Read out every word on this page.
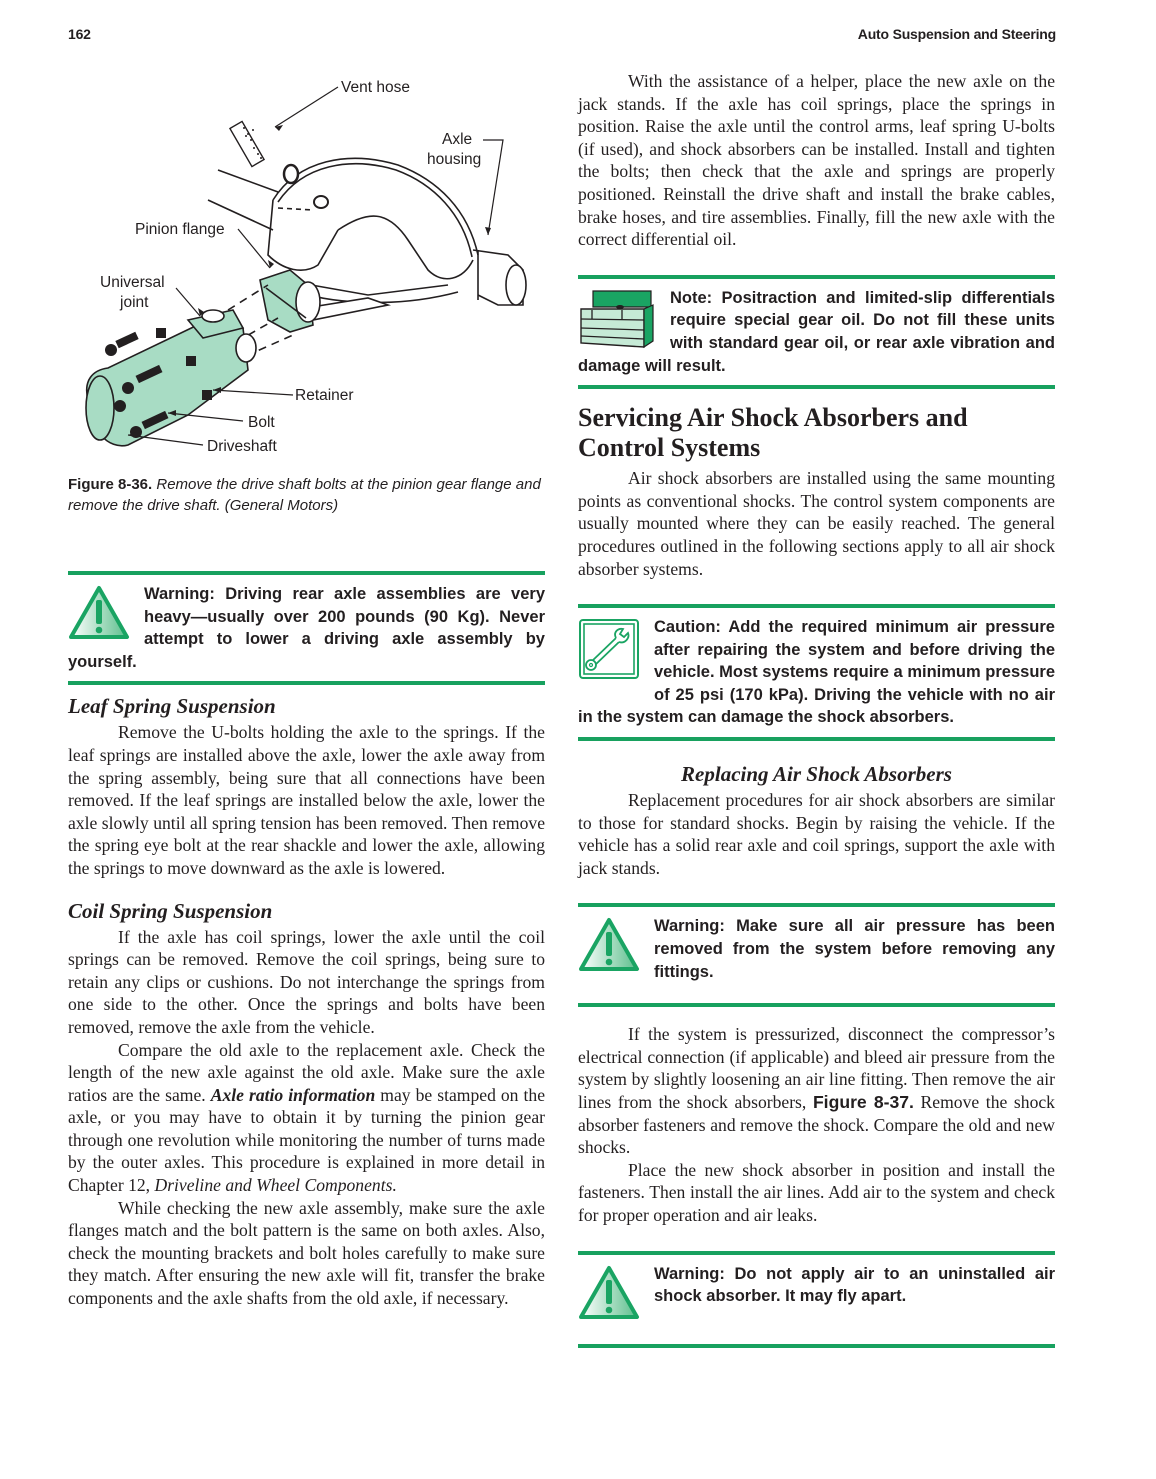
162	Auto Suspension and Steering
Vent hose
Axle
housing
Pinion flange
Universal
joint
Retainer
Bolt
Driveshaft
Figure 8-36. Remove the drive shaft bolts at the pinion gear flange and remove the drive shaft. (General Motors)
Warning: Driving rear axle assemblies are very heavy—usually over 200 pounds (90 Kg). Never attempt to lower a driving axle assembly by yourself.
Leaf Spring Suspension

Remove the U-bolts holding the axle to the springs. If the leaf springs are installed above the axle, lower the axle away from the spring assembly, being sure that all connections have been removed. If the leaf springs are installed below the axle, lower the axle slowly until all spring tension has been removed. Then remove the spring eye bolt at the rear shackle and lower the axle, allowing the springs to move downward as the axle is lowered.

Coil Spring Suspension

If the axle has coil springs, lower the axle until the coil springs can be removed. Remove the coil springs, being sure to retain any clips or cushions. Do not interchange the springs from one side to the other. Once the springs and bolts have been removed, remove the axle from the vehicle.

Compare the old axle to the replacement axle. Check the length of the new axle against the old axle. Make sure the axle ratios are the same. Axle ratio information may be stamped on the axle, or you may have to obtain it by turning the pinion gear through one revolution while monitoring the number of turns made by the outer axles. This procedure is explained in more detail in Chapter 12, Driveline and Wheel Components.

While checking the new axle assembly, make sure the axle flanges match and the bolt pattern is the same on both axles. Also, check the mounting brackets and bolt holes carefully to make sure they match. After ensuring the new axle will fit, transfer the brake components and the axle shafts from the old axle, if necessary.

With the assistance of a helper, place the new axle on the jack stands. If the axle has coil springs, place the springs in position. Raise the axle until the control arms, leaf spring U-bolts (if used), and shock absorbers can be installed. Install and tighten the bolts; then check that the axle and springs are properly positioned. Reinstall the drive shaft and install the brake cables, brake hoses, and tire assemblies. Finally, fill the new axle with the correct differential oil.

Note: Positraction and limited-slip differentials require special gear oil. Do not fill these units with standard gear oil, or rear axle vibration and damage will result.
Servicing Air Shock Absorbers and Control Systems

Air shock absorbers are installed using the same mounting points as conventional shocks. The control system components are usually mounted where they can be easily reached. The general procedures outlined in the following sections apply to all air shock absorber systems.

Caution: Add the required minimum air pressure after repairing the system and before driving the vehicle. Most systems require a minimum pressure of 25 psi (170 kPa). Driving the vehicle with no air in the system can damage the shock absorbers.
Replacing Air Shock Absorbers

Replacement procedures for air shock absorbers are similar to those for standard shocks. Begin by raising the vehicle. If the vehicle has a solid rear axle and coil springs, support the axle with jack stands.

Warning: Make sure all air pressure has been removed from the system before removing any fittings.

If the system is pressurized, disconnect the compressor’s electrical connection (if applicable) and bleed air pressure from the system by slightly loosening an air line fitting. Then remove the air lines from the shock absorbers, Figure 8-37. Remove the shock absorber fasteners and remove the shock. Compare the old and new shocks.

Place the new shock absorber in position and install the fasteners. Then install the air lines. Add air to the system and check for proper operation and air leaks.

Warning: Do not apply air to an uninstalled air shock absorber. It may fly apart.
